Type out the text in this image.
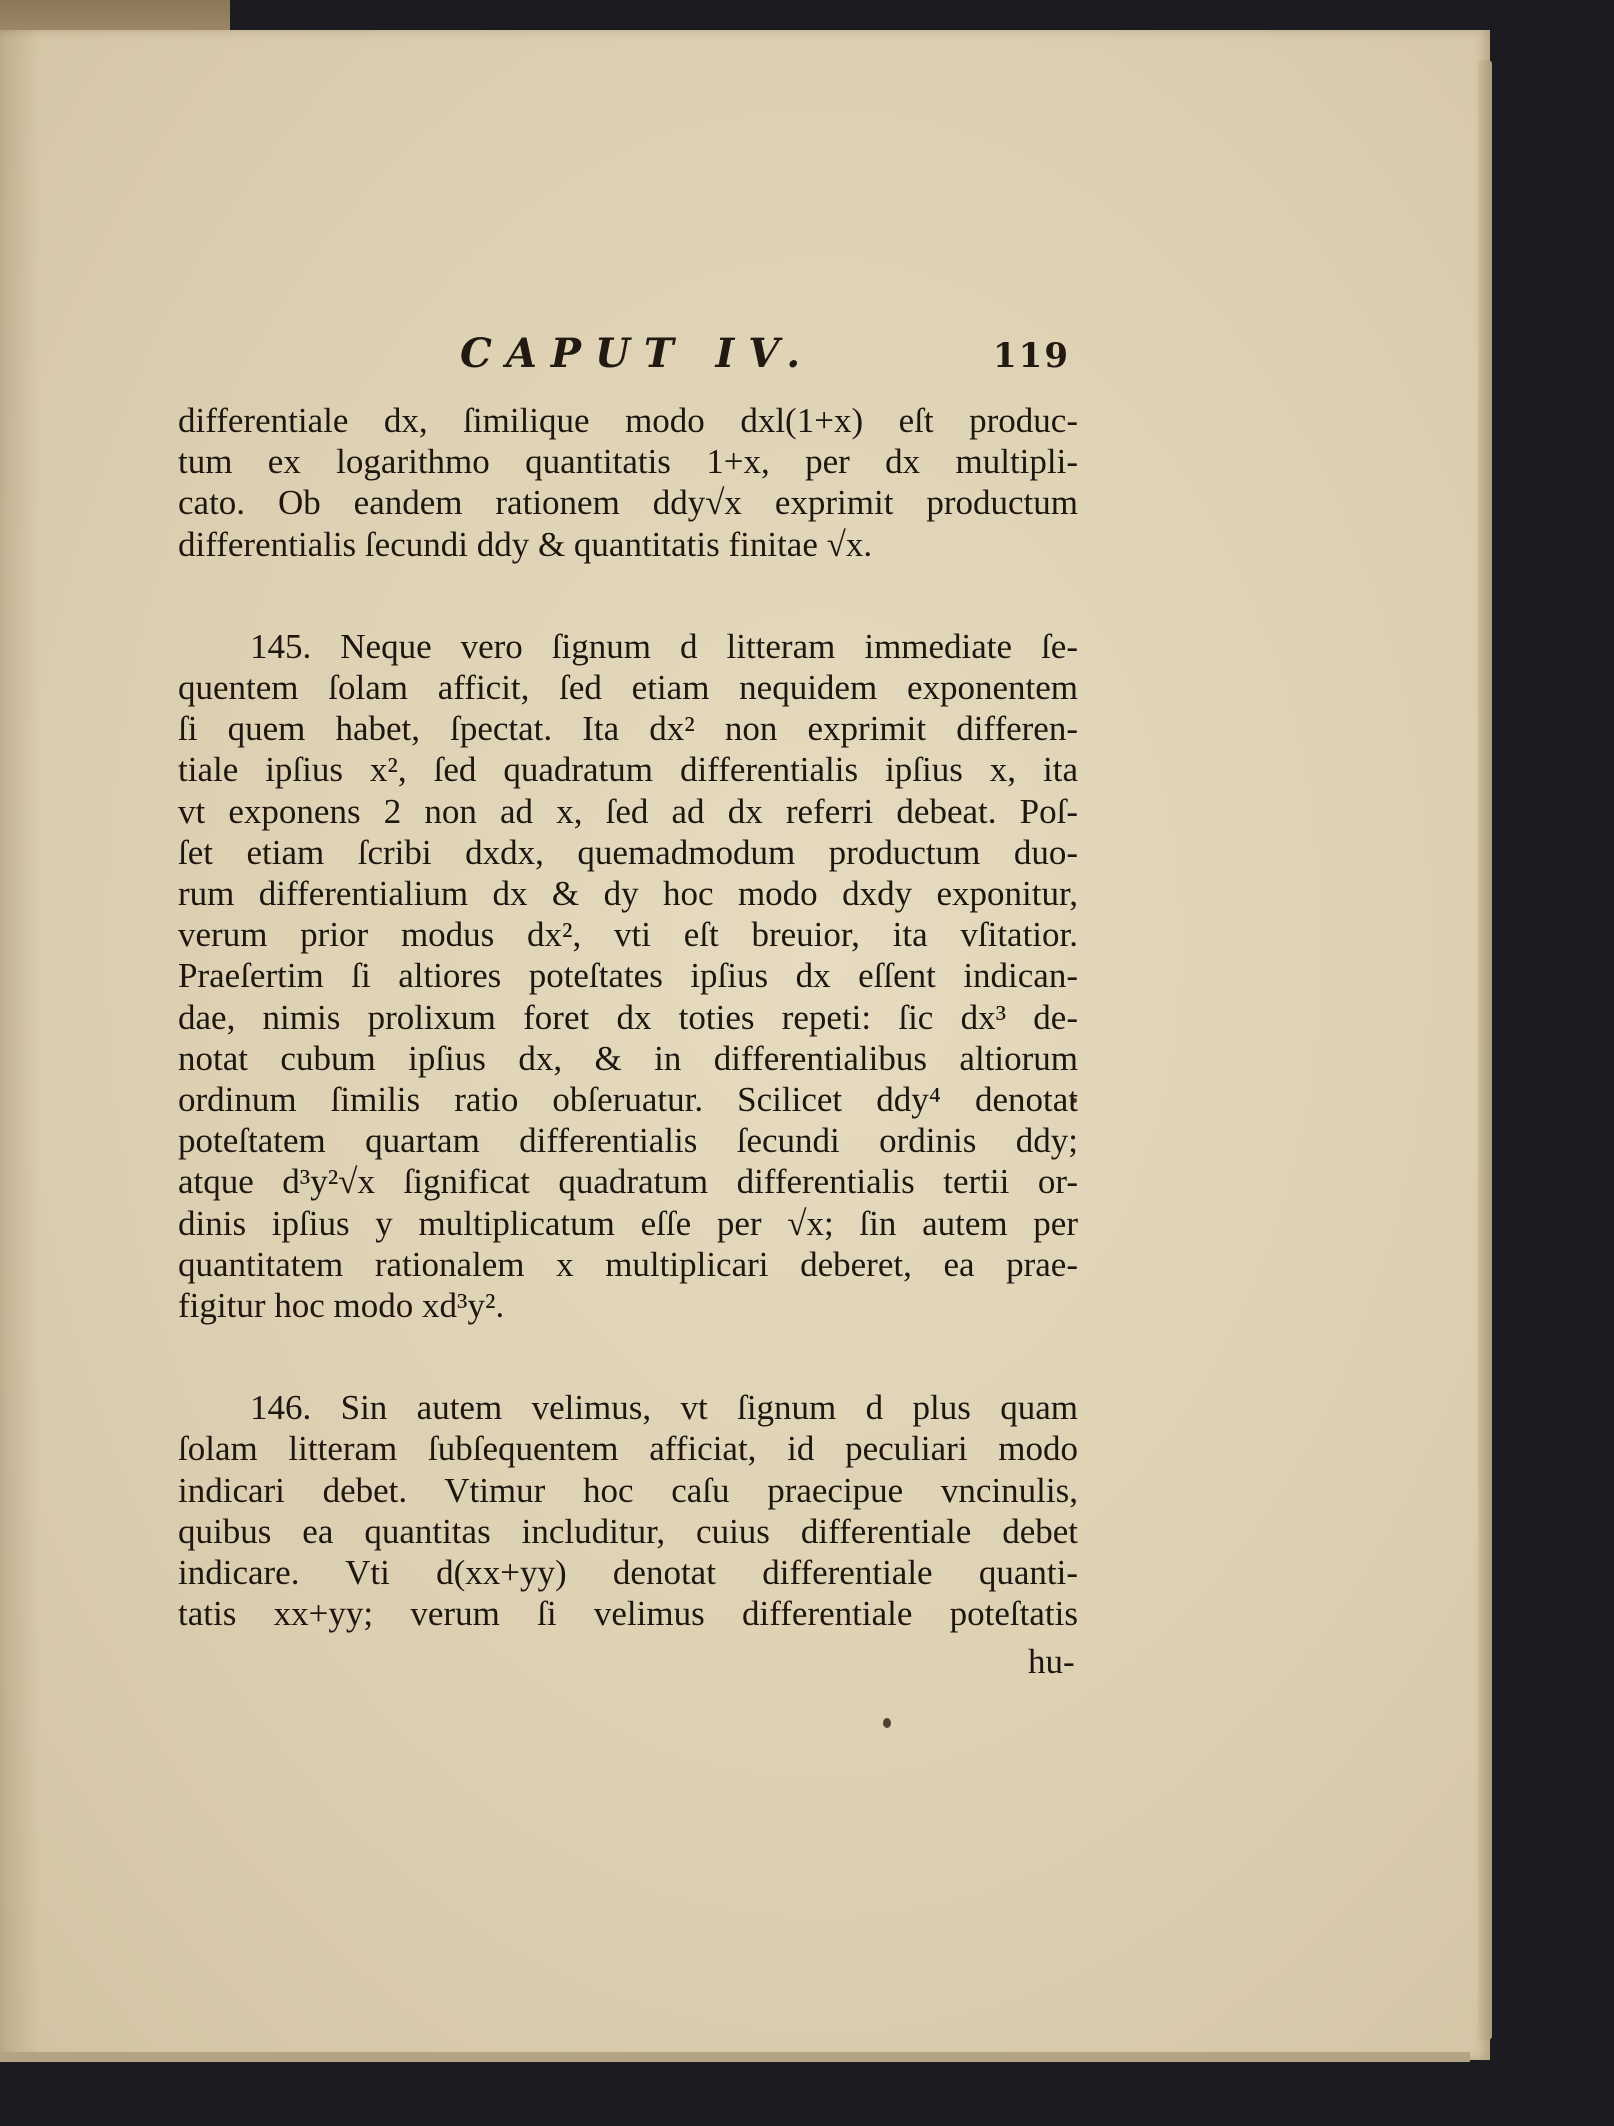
CAPUT IV.	119

differentiale dx, ſimilique modo dxl(1+x) eſt produc-
tum ex logarithmo quantitatis 1+x, per dx multipli-
cato. Ob eandem rationem ddy√x exprimit productum
differentialis ſecundi ddy & quantitatis finitae √x.

145. Neque vero ſignum d litteram immediate ſe-
quentem ſolam afficit, ſed etiam nequidem exponentem
ſi quem habet, ſpectat. Ita dx² non exprimit differen-
tiale ipſius x², ſed quadratum differentialis ipſius x, ita
vt exponens 2 non ad x, ſed ad dx referri debeat. Poſ-
ſet etiam ſcribi dxdx, quemadmodum productum duo-
rum differentialium dx & dy hoc modo dxdy exponitur,
verum prior modus dx², vti eſt breuior, ita vſitatior.
Praeſertim ſi altiores poteſtates ipſius dx eſſent indican-
dae, nimis prolixum foret dx toties repeti: ſic dx³ de-
notat cubum ipſius dx, & in differentialibus altiorum
ordinum ſimilis ratio obſeruatur. Scilicet ddy⁴ denotat
poteſtatem quartam differentialis ſecundi ordinis ddy;
atque d³y²√x ſignificat quadratum differentialis tertii or-
dinis ipſius y multiplicatum eſſe per √x; ſin autem per
quantitatem rationalem x multiplicari deberet, ea prae-
figitur hoc modo xd³y².

146. Sin autem velimus, vt ſignum d plus quam
ſolam litteram ſubſequentem afficiat, id peculiari modo
indicari debet. Vtimur hoc caſu praecipue vncinulis,
quibus ea quantitas includitur, cuius differentiale debet
indicare. Vti d(xx+yy) denotat differentiale quanti-
tatis xx+yy; verum ſi velimus differentiale poteſtatis

hu-
